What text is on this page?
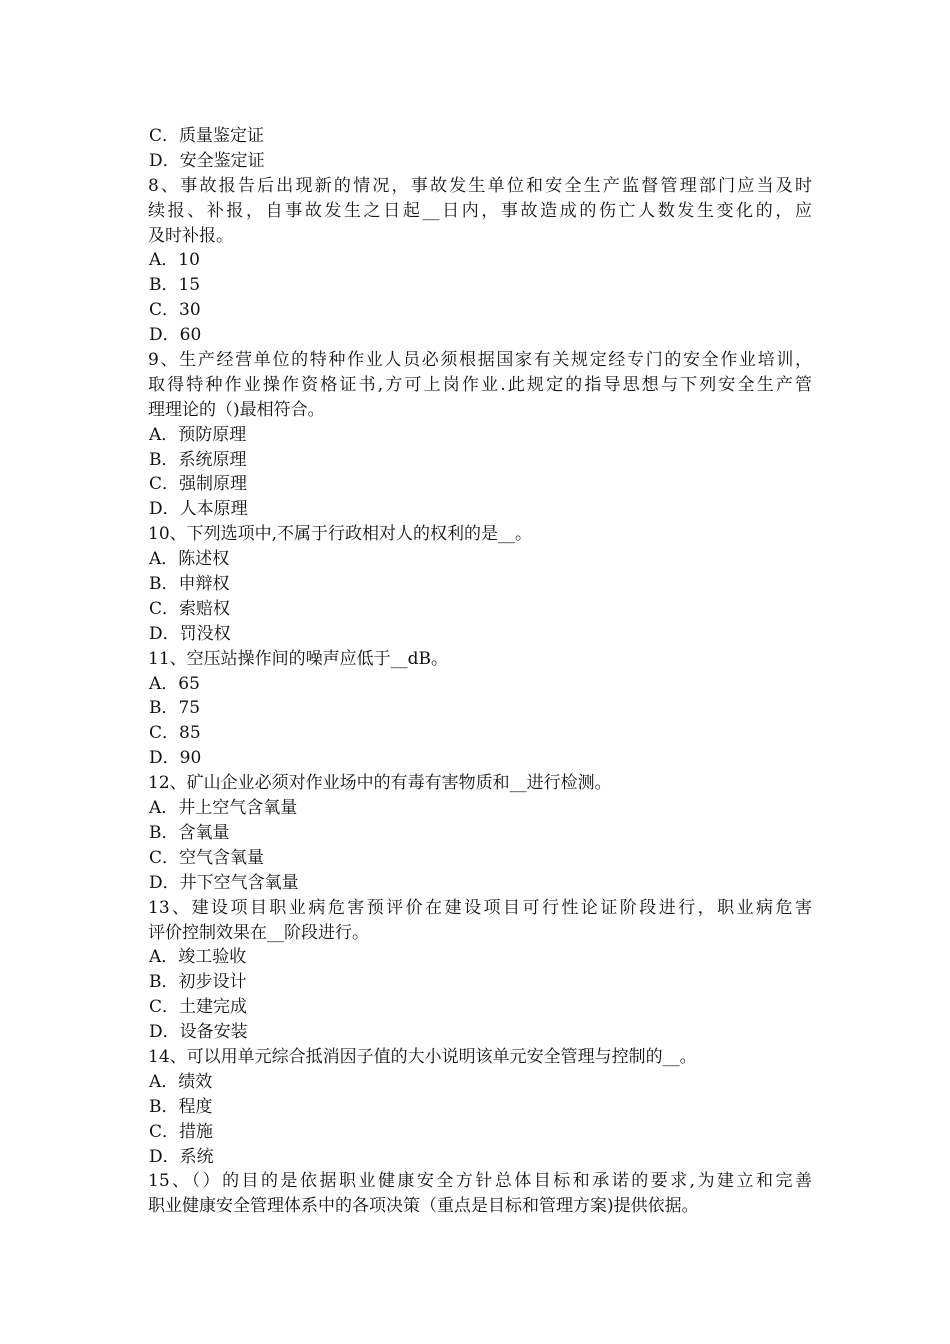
C．质量鉴定证
D．安全鉴定证
8、事故报告后出现新的情况，事故发生单位和安全生产监督管理部门应当及时
续报、补报，自事故发生之日起__日内，事故造成的伤亡人数发生变化的，应
及时补报。
A．10
B．15
C．30
D．60
9、生产经营单位的特种作业人员必须根据国家有关规定经专门的安全作业培训，
取得特种作业操作资格证书,方可上岗作业.此规定的指导思想与下列安全生产管
理理论的（)最相符合。
A．预防原理
B．系统原理
C．强制原理
D．人本原理
10、下列选项中,不属于行政相对人的权利的是__。
A．陈述权
B．申辩权
C．索赔权
D．罚没权
11、空压站操作间的噪声应低于__dB。
A．65
B．75
C．85
D．90
12、矿山企业必须对作业场中的有毒有害物质和__进行检测。
A．井上空气含氧量
B．含氧量
C．空气含氧量
D．井下空气含氧量
13、建设项目职业病危害预评价在建设项目可行性论证阶段进行，职业病危害
评价控制效果在__阶段进行。
A．竣工验收
B．初步设计
C．土建完成
D．设备安装
14、可以用单元综合抵消因子值的大小说明该单元安全管理与控制的__。
A．绩效
B．程度
C．措施
D．系统
15、（）的目的是依据职业健康安全方针总体目标和承诺的要求,为建立和完善
职业健康安全管理体系中的各项决策（重点是目标和管理方案)提供依据。
